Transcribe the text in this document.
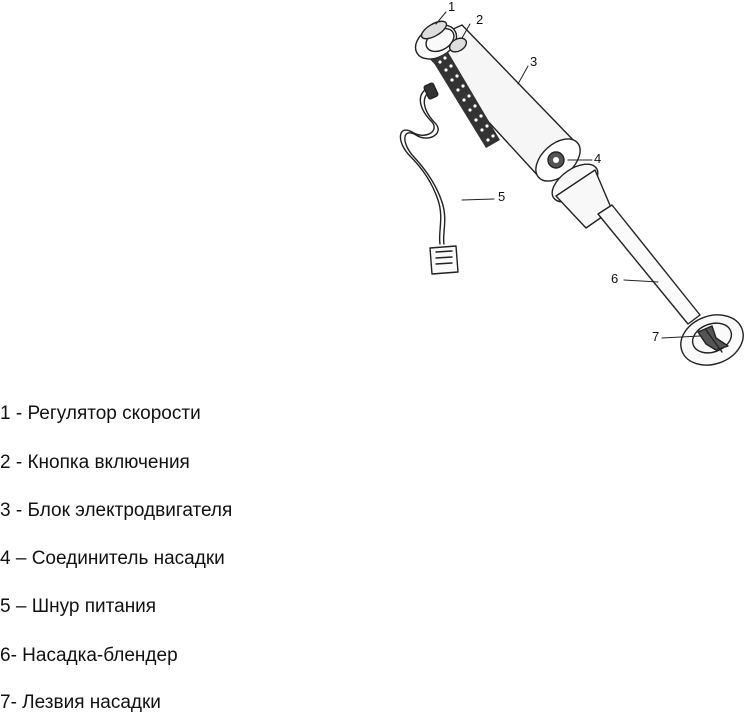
1
2
3
4
5
6
7
1 - Регулятор скорости
2 - Кнопка включения
3 - Блок электродвигателя
4 – Соединитель насадки
5 – Шнур питания
6- Насадка-блендер
7- Лезвия насадки
